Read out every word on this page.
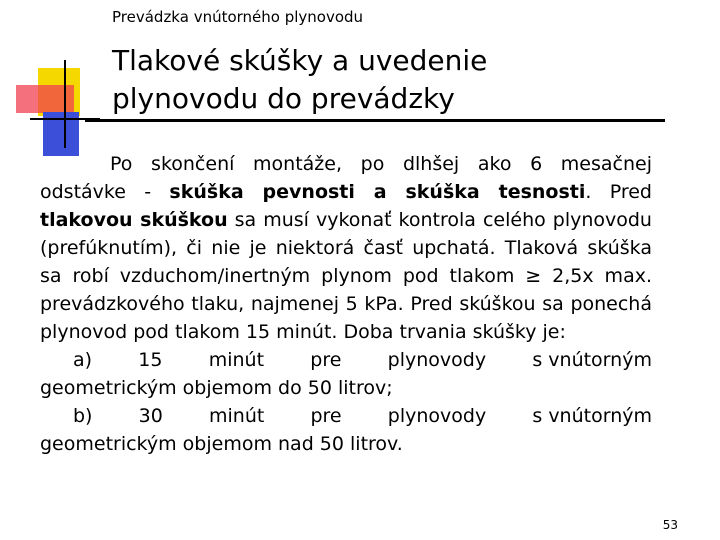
Prevádzka vnútorného plynovodu
Tlakové skúšky a uvedenie
plynovodu do prevádzky

Po skončení montáže, po dlhšej ako 6 mesačnej odstávke - skúška pevnosti a skúška tesnosti. Pred tlakovou skúškou sa musí vykonať kontrola celého plynovodu (prefúknutím), či nie je niektorá časť upchatá. Tlaková skúška sa robí vzduchom/inertným plynom pod tlakom ≥ 2,5x max. prevádzkového tlaku, najmenej 5 kPa. Pred skúškou sa ponechá plynovod pod tlakom 15 minút. Doba trvania skúšky je:

a) 15 minút pre plynovody s vnútorným
geometrickým objemom do 50 litrov;
b) 30 minút pre plynovody s vnútorným
geometrickým objemom nad 50 litrov.
53
